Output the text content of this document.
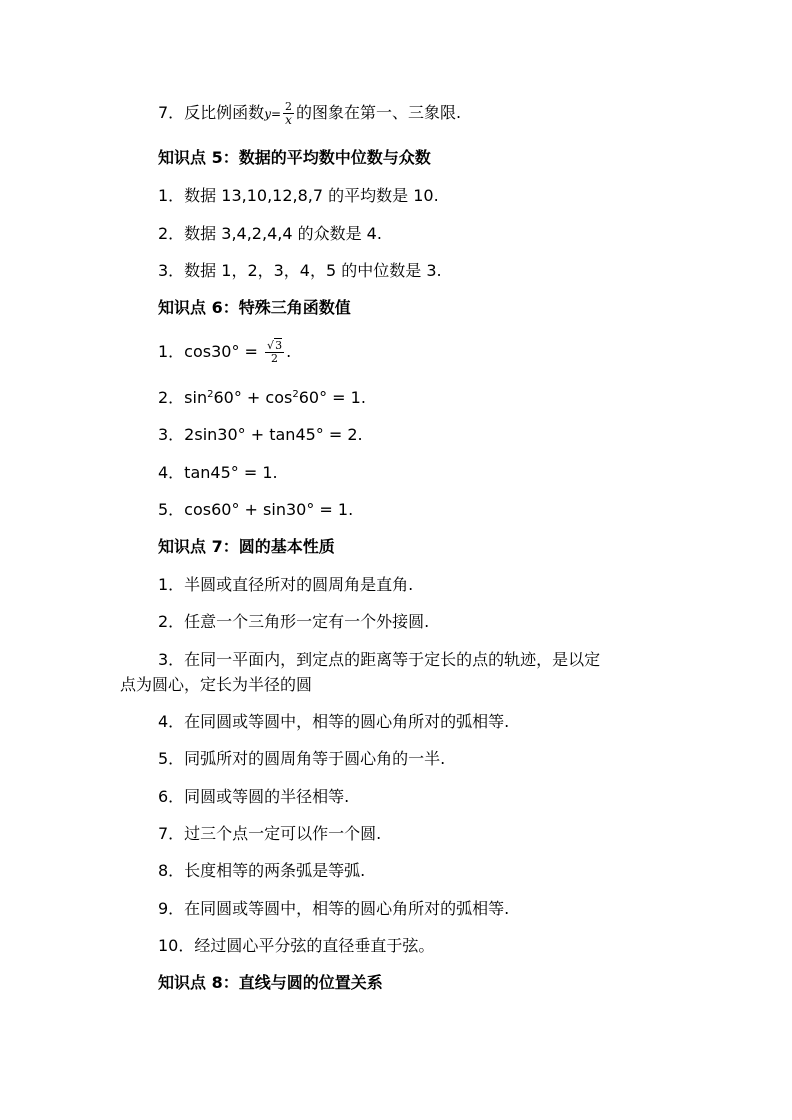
7．反比例函数$y= \frac{2}{x}$ 的图象在第一、三象限.
知识点 5：数据的平均数中位数与众数
1．数据 13,10,12,8,7 的平均数是 10.
2．数据 3,4,2,4,4 的众数是 4.
3．数据 1，2，3，4，5 的中位数是 3.
知识点 6：特殊三角函数值
1．$\cos 30^\circ = \frac{√3}{2}$ .
2．$\sin^260^\circ + \cos^260^\circ = 1$.
3．2sin30° + tan45° = 2.
4．tan45° = 1.
5．cos60° + sin30° = 1.
知识点 7：圆的基本性质
1．半圆或直径所对的圆周角是直角.
2．任意一个三角形一定有一个外接圆.
3．在同一平面内，到定点的距离等于定长的点的轨迹，是以定
点为圆心，定长为半径的圆
4．在同圆或等圆中，相等的圆心角所对的弧相等.
5．同弧所对的圆周角等于圆心角的一半.
6．同圆或等圆的半径相等.
7．过三个点一定可以作一个圆.
8．长度相等的两条弧是等弧.
9．在同圆或等圆中，相等的圆心角所对的弧相等.
10．经过圆心平分弦的直径垂直于弦。
知识点 8：直线与圆的位置关系
